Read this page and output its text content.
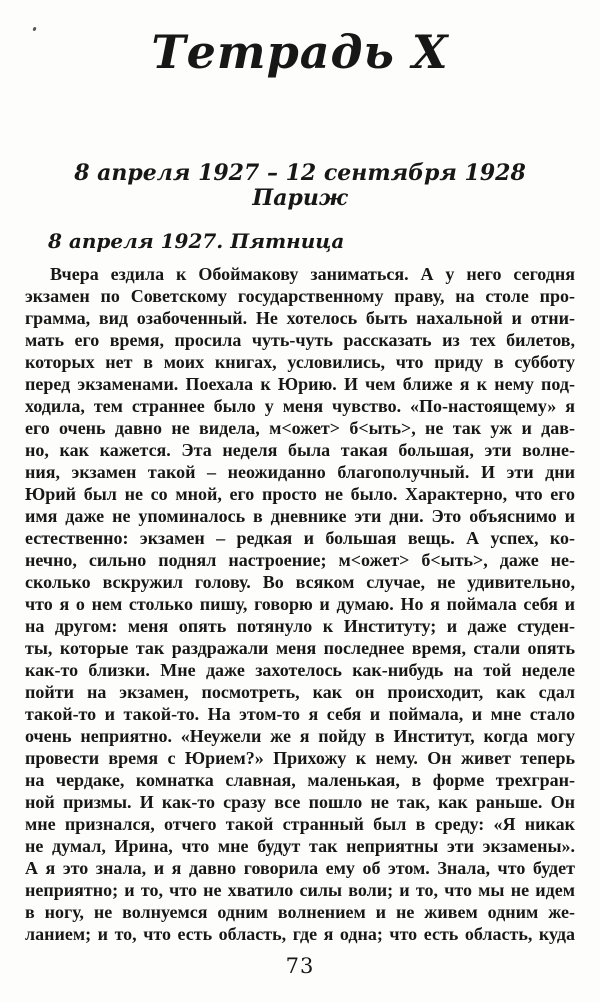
Тетрадь X
8 апреля 1927 – 12 сентября 1928
Париж
8 апреля 1927. Пятница
Вчера ездила к Обоймакову заниматься. А у него сегодня
экзамен по Советскому государственному праву, на столе про-
грамма, вид озабоченный. Не хотелось быть нахальной и отни-
мать его время, просила чуть-чуть рассказать из тех билетов,
которых нет в моих книгах, условились, что приду в субботу
перед экзаменами. Поехала к Юрию. И чем ближе я к нему под-
ходила, тем страннее было у меня чувство. «По-настоящему» я
его очень давно не видела, м<ожет> б<ыть>, не так уж и дав-
но, как кажется. Эта неделя была такая большая, эти волне-
ния, экзамен такой – неожиданно благополучный. И эти дни
Юрий был не со мной, его просто не было. Характерно, что его
имя даже не упоминалось в дневнике эти дни. Это объяснимо и
естественно: экзамен – редкая и большая вещь. А успех, ко-
нечно, сильно поднял настроение; м<ожет> б<ыть>, даже не-
сколько вскружил голову. Во всяком случае, не удивительно,
что я о нем столько пишу, говорю и думаю. Но я поймала себя и
на другом: меня опять потянуло к Институту; и даже студен-
ты, которые так раздражали меня последнее время, стали опять
как-то близки. Мне даже захотелось как-нибудь на той неделе
пойти на экзамен, посмотреть, как он происходит, как сдал
такой-то и такой-то. На этом-то я себя и поймала, и мне стало
очень неприятно. «Неужели же я пойду в Институт, когда могу
провести время с Юрием?» Прихожу к нему. Он живет теперь
на чердаке, комнатка славная, маленькая, в форме трехгран-
ной призмы. И как-то сразу все пошло не так, как раньше. Он
мне признался, отчего такой странный был в среду: «Я никак
не думал, Ирина, что мне будут так неприятны эти экзамены».
А я это знала, и я давно говорила ему об этом. Знала, что будет
неприятно; и то, что не хватило силы воли; и то, что мы не идем
в ногу, не волнуемся одним волнением и не живем одним же-
ланием; и то, что есть область, где я одна; что есть область, куда
73
